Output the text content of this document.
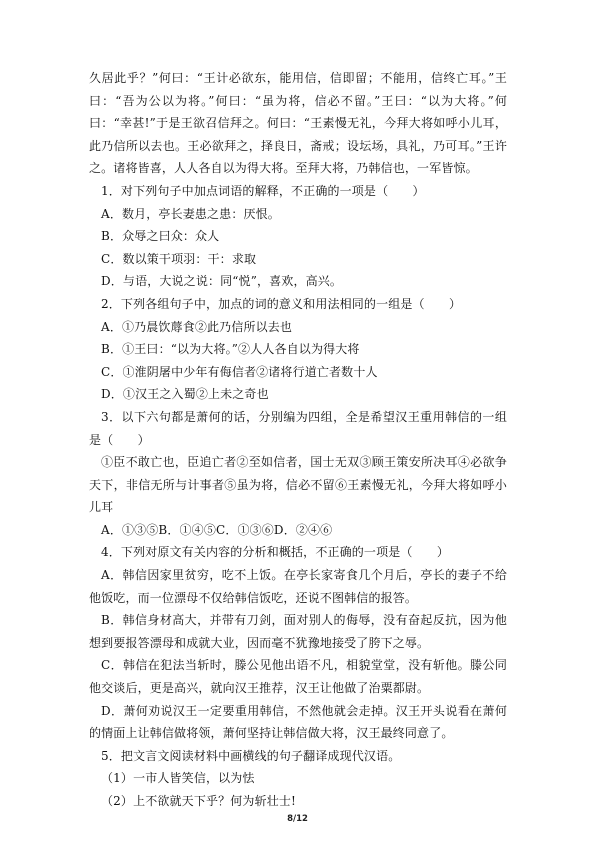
久居此乎？”何曰：“王计必欲东，能用信，信即留；不能用，信终亡耳。”王曰：“吾为公以为将。”何曰：“虽为将，信必不留。”王曰：“以为大将。”何曰：“幸甚!”于是王欲召信拜之。何曰：“王素慢无礼，今拜大将如呼小儿耳，此乃信所以去也。王必欲拜之，择良日，斋戒；设坛场，具礼，乃可耳。”王许之。诸将皆喜，人人各自以为得大将。至拜大将，乃韩信也，一军皆惊。

1．对下列句子中加点词语的解释，不正确的一项是（　　）

A．数月，亭长妻患之患：厌恨。

B．众辱之曰众：众人

C．数以策干项羽：干：求取

D．与语，大说之说：同“悦”，喜欢，高兴。

2．下列各组句子中，加点的词的意义和用法相同的一组是（　　）

A．①乃晨饮蓐食②此乃信所以去也

B．①王曰：“以为大将。”②人人各自以为得大将

C．①淮阴屠中少年有侮信者②诸将行道亡者数十人

D．①汉王之入蜀②上未之奇也

3．以下六句都是萧何的话，分别编为四组，全是希望汉王重用韩信的一组是（　　）

①臣不敢亡也，臣追亡者②至如信者，国士无双③顾王策安所决耳④必欲争天下，非信无所与计事者⑤虽为将，信必不留⑥王素慢无礼，今拜大将如呼小儿耳

A．①③⑤B．①④⑤C．①③⑥D．②④⑥

4．下列对原文有关内容的分析和概括，不正确的一项是（　　）

A．韩信因家里贫穷，吃不上饭。在亭长家寄食几个月后，亭长的妻子不给他饭吃，而一位漂母不仅给韩信饭吃，还说不图韩信的报答。

B．韩信身材高大，并带有刀剑，面对别人的侮辱，没有奋起反抗，因为他想到要报答漂母和成就大业，因而毫不犹豫地接受了胯下之辱。

C．韩信在犯法当斩时，滕公见他出语不凡，相貌堂堂，没有斩他。滕公同他交谈后，更是高兴，就向汉王推荐，汉王让他做了治粟都尉。

D．萧何劝说汉王一定要重用韩信，不然他就会走掉。汉王开头说看在萧何的情面上让韩信做将领，萧何坚持让韩信做大将，汉王最终同意了。

5．把文言文阅读材料中画横线的句子翻译成现代汉语。

（1）一市人皆笑信，以为怯

（2）上不欲就天下乎？何为斩壮士!

8/12
